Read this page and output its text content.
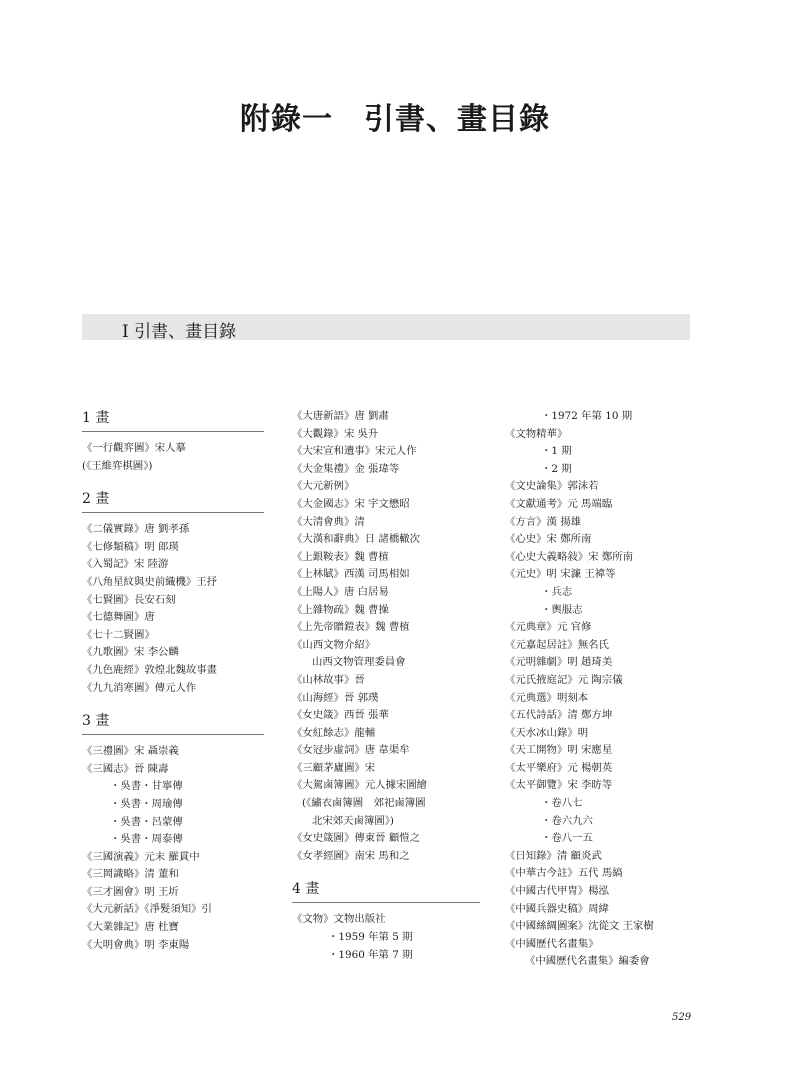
附錄一　引書、畫目錄
Ⅰ 引書、畫目錄
1 畫
《一行觀弈圖》宋人摹
(《王維弈棋圖》)
2 畫
《二儀實錄》唐 劉孝孫
《七修類稿》明 郎瑛
《入蜀記》宋 陸游
《八角星紋與史前織機》王抒
《七賢圖》長安石刻
《七德舞圖》唐
《七十二賢圖》
《九歌圖》宋 李公麟
《九色鹿經》敦煌北魏故事畫
《九九消寒圖》傳元人作
3 畫
《三禮圖》宋 聶崇義
《三國志》晉 陳壽
・吳書・甘寧傳
・吳書・周瑜傳
・吳書・呂蒙傳
・吳書・周泰傳
《三國演義》元末 羅貫中
《三岡識略》清 董和
《三才圖會》明 王圻
《大元新話》《淨髮須知》引
《大業雜記》唐 杜寶
《大明會典》明 李東陽
《大唐新語》唐 劉肅
《大觀錄》宋 吳升
《大宋宣和遺事》宋元人作
《大金集禮》金 張瑋等
《大元新例》
《大金國志》宋 宇文懋昭
《大清會典》清
《大漢和辭典》日 諸橋轍次
《上銀鞍表》魏 曹植
《上林賦》西漢 司馬相如
《上陽人》唐 白居易
《上雜物疏》魏 曹操
《上先帝贈鎧表》魏 曹植
《山西文物介紹》
山西文物管理委員會
《山林故事》晉
《山海經》晉 郭璞
《女史箴》西晉 張華
《女紅餘志》龍輔
《女冠步虛詞》唐 韋渠牟
《三顧茅廬圖》宋
《大駕鹵簿圖》元人據宋圖繪
(《繡衣鹵簿圖　郊祀鹵簿圖
北宋郊天鹵簿圖》)
《女史箴圖》傳東晉 顧愷之
《女孝經圖》南宋 馬和之
4 畫
《文物》文物出版社
・1959 年第 5 期
・1960 年第 7 期
・1972 年第 10 期
《文物精華》
・1 期
・2 期
《文史論集》郭沫若
《文獻通考》元 馬端臨
《方言》漢 揚雄
《心史》宋 鄭所南
《心史大義略敍》宋 鄭所南
《元史》明 宋濂 王褘等
・兵志
・輿服志
《元典章》元 官修
《元嘉起居註》無名氏
《元明雜劇》明 趙琦美
《元氏掖庭記》元 陶宗儀
《元典選》明刻本
《五代詩話》清 鄭方坤
《天水冰山錄》明
《天工開物》明 宋應星
《太平樂府》元 楊朝英
《太平御覽》宋 李昉等
・卷八七
・卷六九六
・卷八一五
《日知錄》清 顧炎武
《中華古今註》五代 馬縞
《中國古代甲冑》楊泓
《中國兵器史稿》周緯
《中國絲綢圖案》沈從文 王家樹
《中國歷代名畫集》
《中國歷代名畫集》編委會
529
